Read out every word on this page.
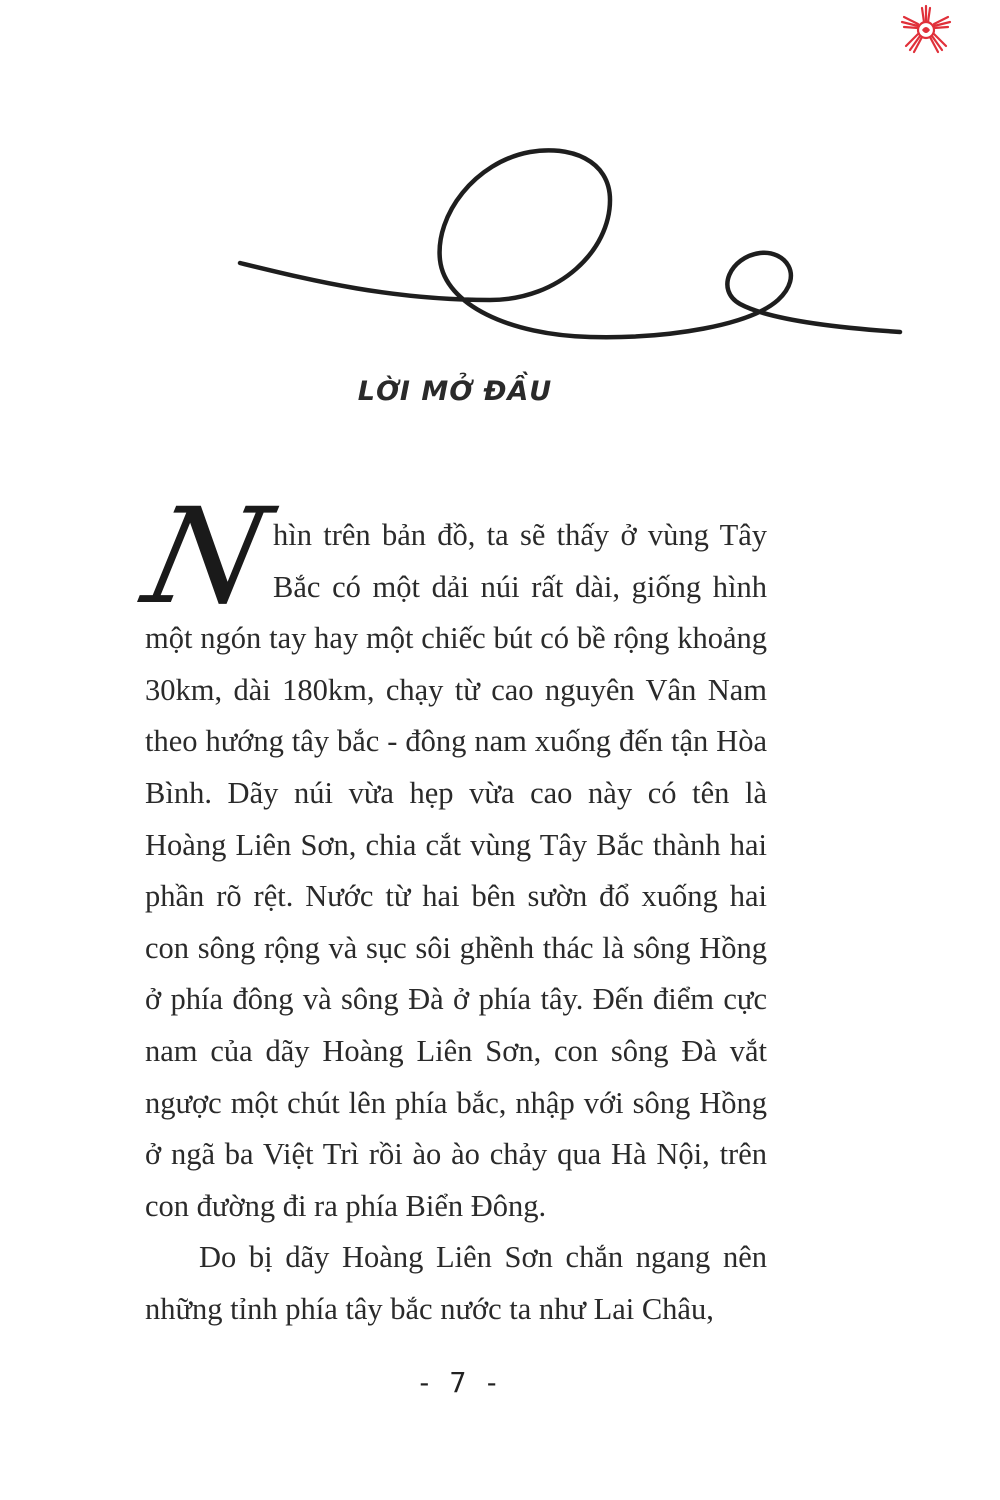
LỜI MỞ ĐẦU

N
hìn trên bản đồ, ta sẽ thấy ở vùng Tây Bắc có một dải núi rất dài, giống hình một ngón tay hay một chiếc bút có bề rộng khoảng 30km, dài 180km, chạy từ cao nguyên Vân Nam theo hướng tây bắc - đông nam xuống đến tận Hòa Bình. Dãy núi vừa hẹp vừa cao này có tên là Hoàng Liên Sơn, chia cắt vùng Tây Bắc thành hai phần rõ rệt. Nước từ hai bên sườn đổ xuống hai con sông rộng và sục sôi ghềnh thác là sông Hồng ở phía đông và sông Đà ở phía tây. Đến điểm cực nam của dãy Hoàng Liên Sơn, con sông Đà vắt ngược một chút lên phía bắc, nhập với sông Hồng ở ngã ba Việt Trì rồi ào ào chảy qua Hà Nội, trên con đường đi ra phía Biển Đông.

Do bị dãy Hoàng Liên Sơn chắn ngang nên những tỉnh phía tây bắc nước ta như Lai Châu,

- 7 -
